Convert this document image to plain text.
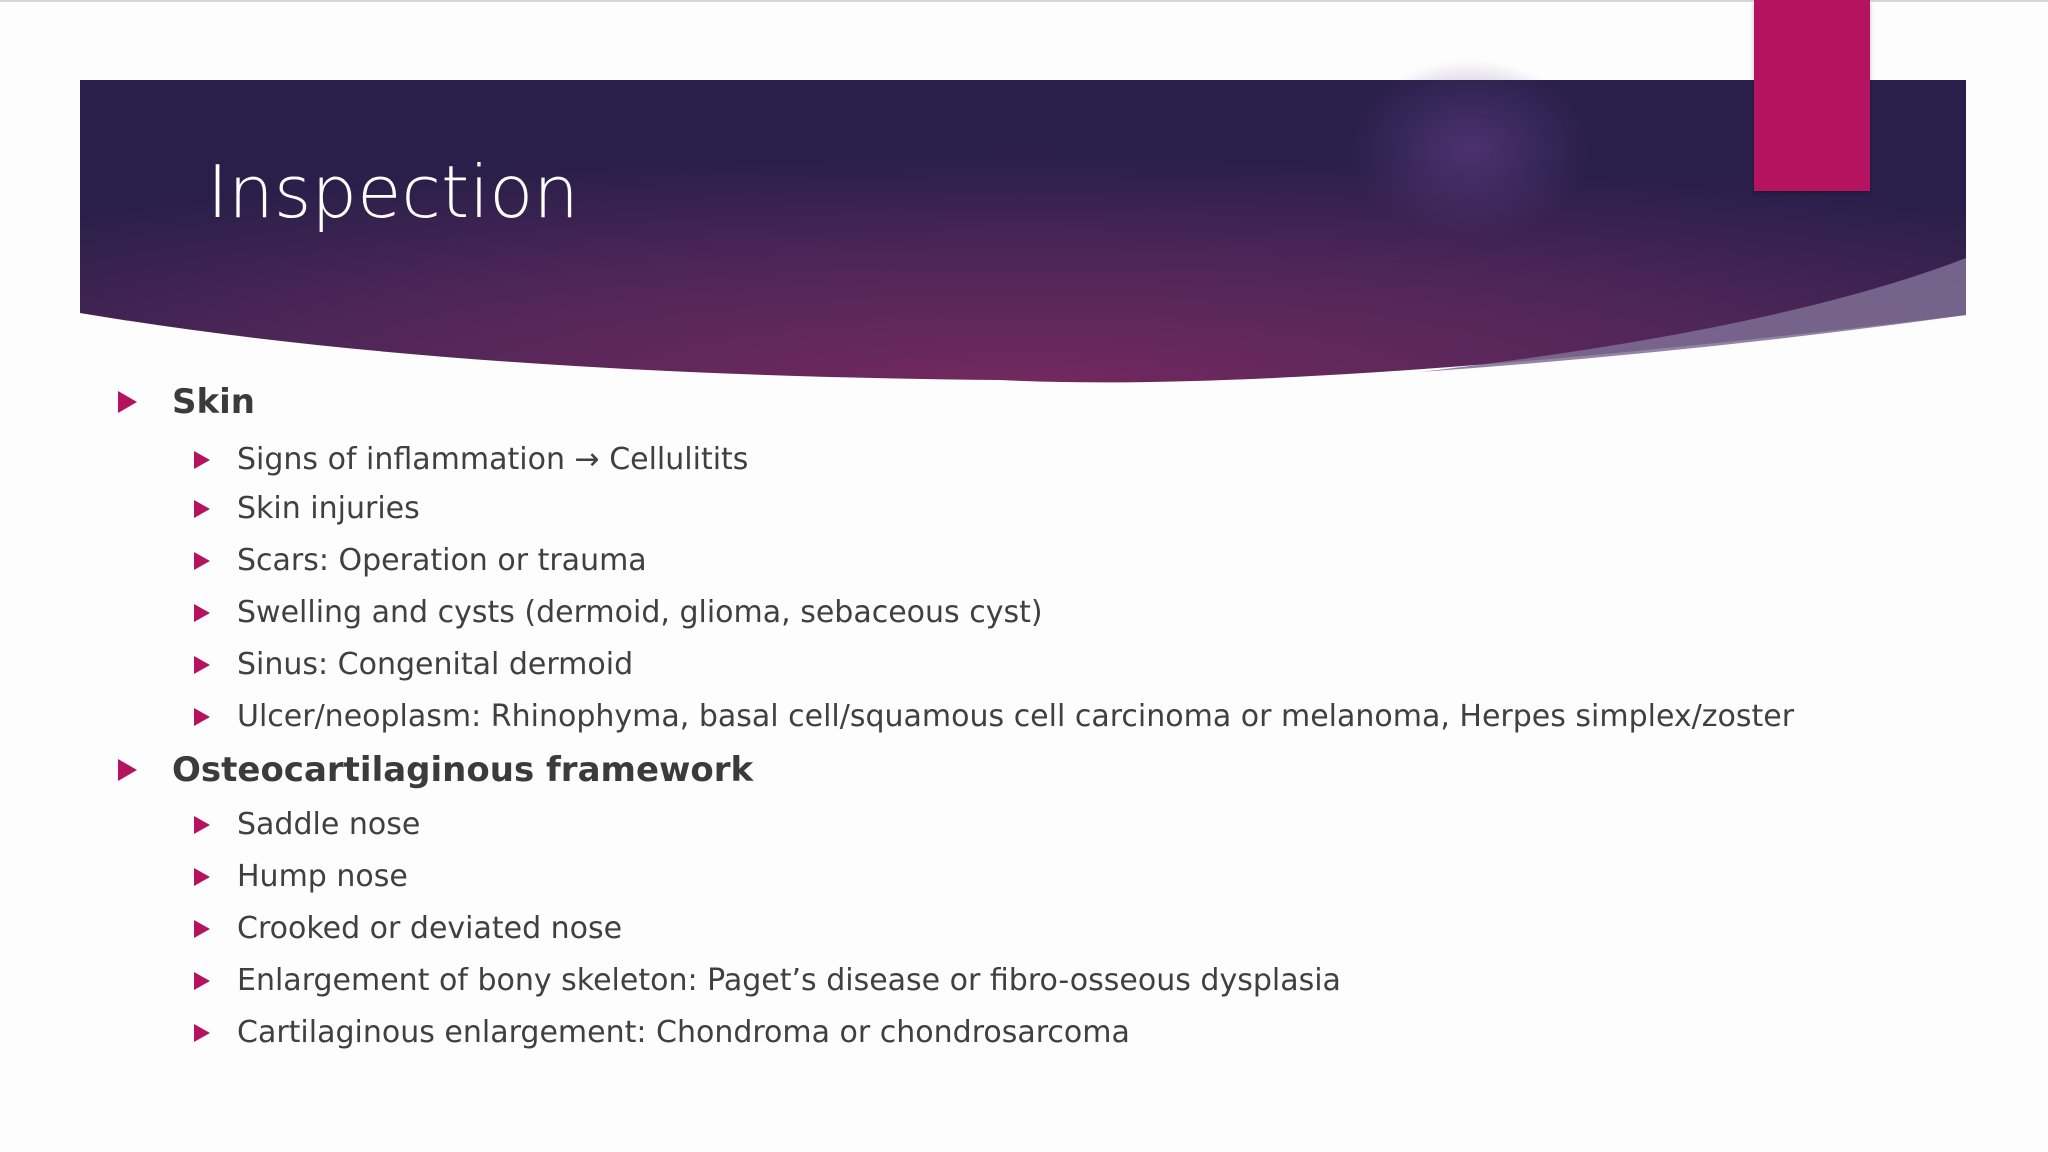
Inspection
Skin
Signs of inflammation → Cellulitits
Skin injuries
Scars: Operation or trauma
Swelling and cysts (dermoid, glioma, sebaceous cyst)
Sinus: Congenital dermoid
Ulcer/neoplasm: Rhinophyma, basal cell/squamous cell carcinoma or melanoma, Herpes simplex/zoster
Osteocartilaginous framework
Saddle nose
Hump nose
Crooked or deviated nose
Enlargement of bony skeleton: Paget’s disease or fibro-osseous dysplasia
Cartilaginous enlargement: Chondroma or chondrosarcoma
